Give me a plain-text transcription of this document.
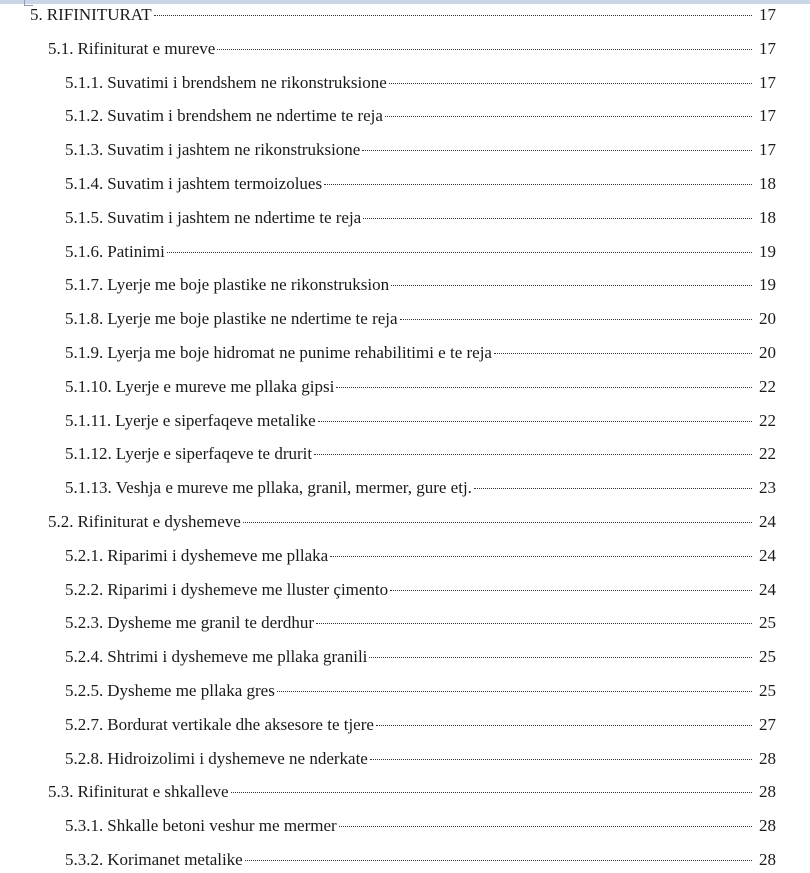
5. RIFINITURAT	17
5.1. Rifiniturat e mureve	17
5.1.1. Suvatimi i brendshem ne rikonstruksione	17
5.1.2. Suvatim i brendshem ne ndertime te reja	17
5.1.3. Suvatim i jashtem ne rikonstruksione	17
5.1.4. Suvatim i jashtem termoizolues	18
5.1.5. Suvatim i jashtem ne ndertime te reja	18
5.1.6. Patinimi	19
5.1.7. Lyerje me boje plastike ne rikonstruksion	19
5.1.8. Lyerje me boje plastike ne ndertime te reja	20
5.1.9. Lyerja me boje hidromat ne punime rehabilitimi e te reja	20
5.1.10. Lyerje e mureve me pllaka gipsi	22
5.1.11. Lyerje e siperfaqeve metalike	22
5.1.12. Lyerje e siperfaqeve te drurit	22
5.1.13. Veshja e mureve me pllaka, granil, mermer, gure etj.	23
5.2. Rifiniturat e dyshemeve	24
5.2.1. Riparimi i dyshemeve me pllaka	24
5.2.2. Riparimi i dyshemeve me lluster çimento	24
5.2.3. Dysheme me granil te derdhur	25
5.2.4. Shtrimi i dyshemeve me pllaka granili	25
5.2.5. Dysheme me pllaka gres	25
5.2.7. Bordurat vertikale dhe aksesore te tjere	27
5.2.8. Hidroizolimi i dyshemeve ne nderkate	28
5.3. Rifiniturat e shkalleve	28
5.3.1. Shkalle betoni veshur me mermer	28
5.3.2. Korimanet metalike	28
